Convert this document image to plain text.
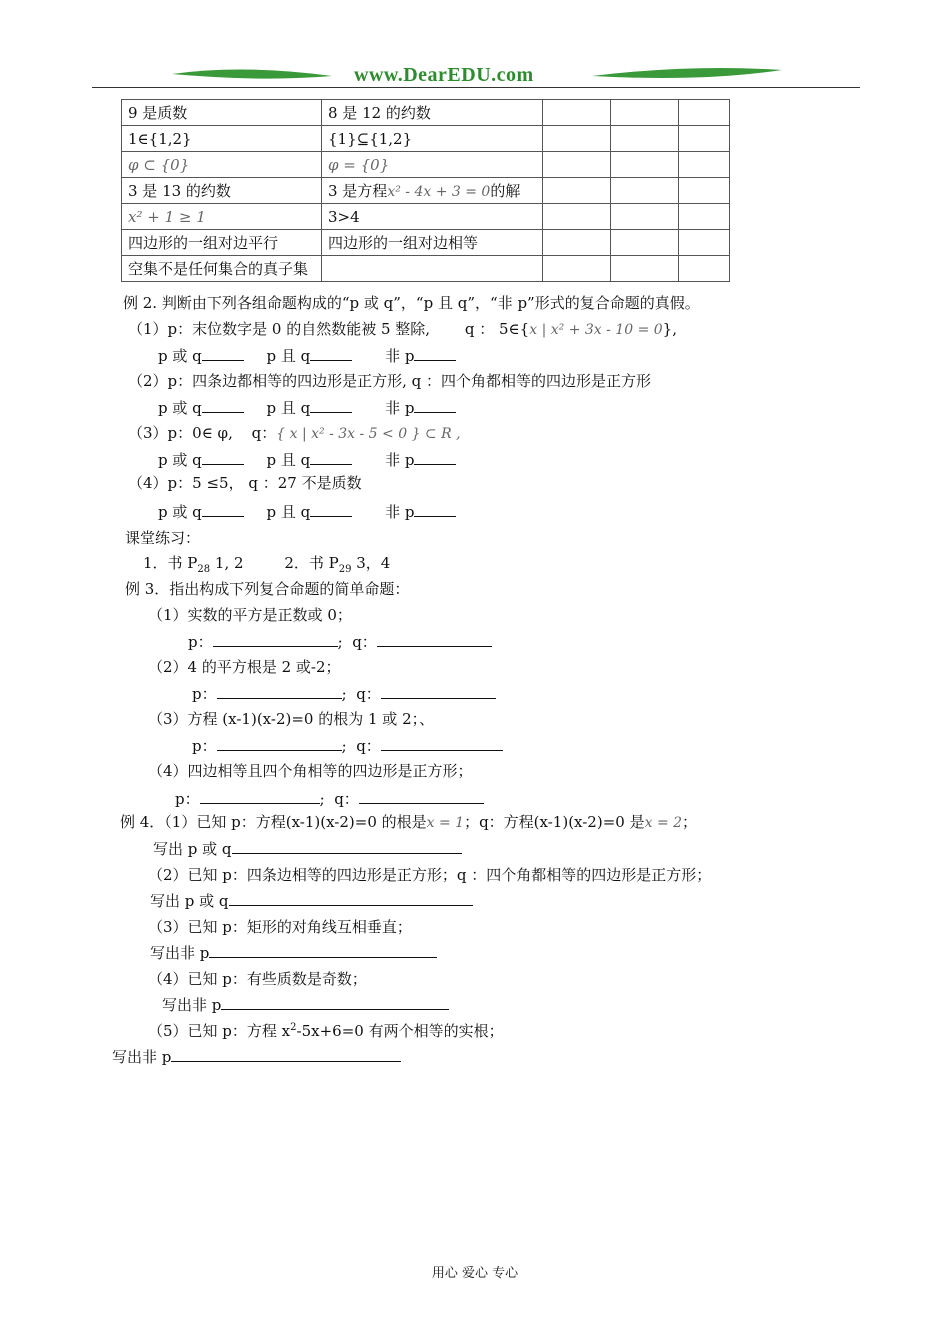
www.DearEDU.com
9 是质数	8 是 12 的约数			
1∈{1,2}	{1}⊆{1,2}			
φ ⊂ {0}	φ = {0}			
3 是 13 的约数	3 是方程x² - 4x + 3 = 0的解			
x² + 1 ≥ 1	3>4			
四边形的一组对边平行	四边形的一组对边相等			
空集不是任何集合的真子集				
例 2. 判断由下列各组命题构成的“p 或 q”，“p 且 q”，“非 p”形式的复合命题的真假。
（1）p：末位数字是 0 的自然数能被 5 整除, q ： 5∈{x | x² + 3x - 10 = 0},
p 或 q	p 且 q	非 p
（2）p：四条边都相等的四边形是正方形, q ：四个角都相等的四边形是正方形
p 或 q	p 且 q	非 p
（3）p：0∈ φ, q：{ x | x² - 3x - 5 < 0 } ⊂ R ,
p 或 q	p 且 q	非 p
（4）p：5 ≤5， q ：27 不是质数
p 或 q	p 且 q	非 p
课堂练习：
1．书 $P_{28}$ 1, 2	2．书 $P_{29}$ 3，4
例 3．指出构成下列复合命题的简单命题：
（1）实数的平方是正数或 0；
p：	;  q：
（2）4 的平方根是 2 或-2；
p：	;  q：
（3）方程 (x-1)(x-2)=0 的根为 1 或 2；、
p：	;  q：
（4）四边相等且四个角相等的四边形是正方形；
p：	;  q：
例 4．（1）已知 p：方程(x-1)(x-2)=0 的根是x = 1；q：方程(x-1)(x-2)=0 是x = 2；
写出 p 或 q
（2）已知 p：四条边相等的四边形是正方形；q ：四个角都相等的四边形是正方形；
写出 p 或 q
（3）已知 p：矩形的对角线互相垂直；
写出非 p
（4）已知 p：有些质数是奇数；
写出非 p
（5）已知 p：方程 $x^2-5x+6=0$ 有两个相等的实根；
写出非 p
用心 爱心 专心
